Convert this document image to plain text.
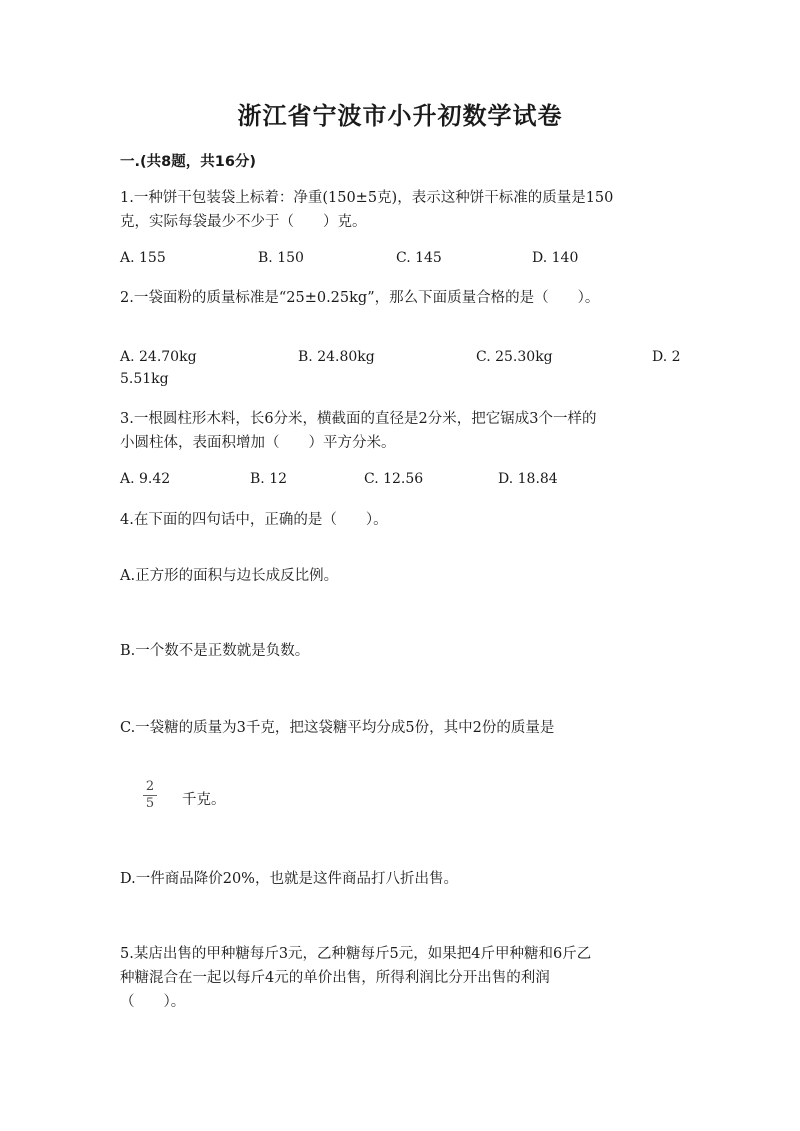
浙江省宁波市小升初数学试卷
一.(共8题，共16分)
1.一种饼干包装袋上标着：净重(150±5克)，表示这种饼干标准的质量是150
克，实际每袋最少不少于（　　）克。
A. 155	B. 150	C. 145	D. 140
2.一袋面粉的质量标准是“25±0.25kg”，那么下面质量合格的是（　　）。
A. 24.70kg	B. 24.80kg	C. 25.30kg	D. 2
5.51kg
3.一根圆柱形木料，长6分米，横截面的直径是2分米，把它锯成3个一样的
小圆柱体，表面积增加（　　）平方分米。
A. 9.42	B. 12	C. 12.56	D. 18.84
4.在下面的四句话中，正确的是（　　）。
A.正方形的面积与边长成反比例。
B.一个数不是正数就是负数。
C.一袋糖的质量为3千克，把这袋糖平均分成5份，其中2份的质量是
$\frac{2}{5}$ 千克。
D.一件商品降价20%，也就是这件商品打八折出售。
5.某店出售的甲种糖每斤3元，乙种糖每斤5元，如果把4斤甲种糖和6斤乙
种糖混合在一起以每斤4元的单价出售，所得利润比分开出售的利润
（　　）。
